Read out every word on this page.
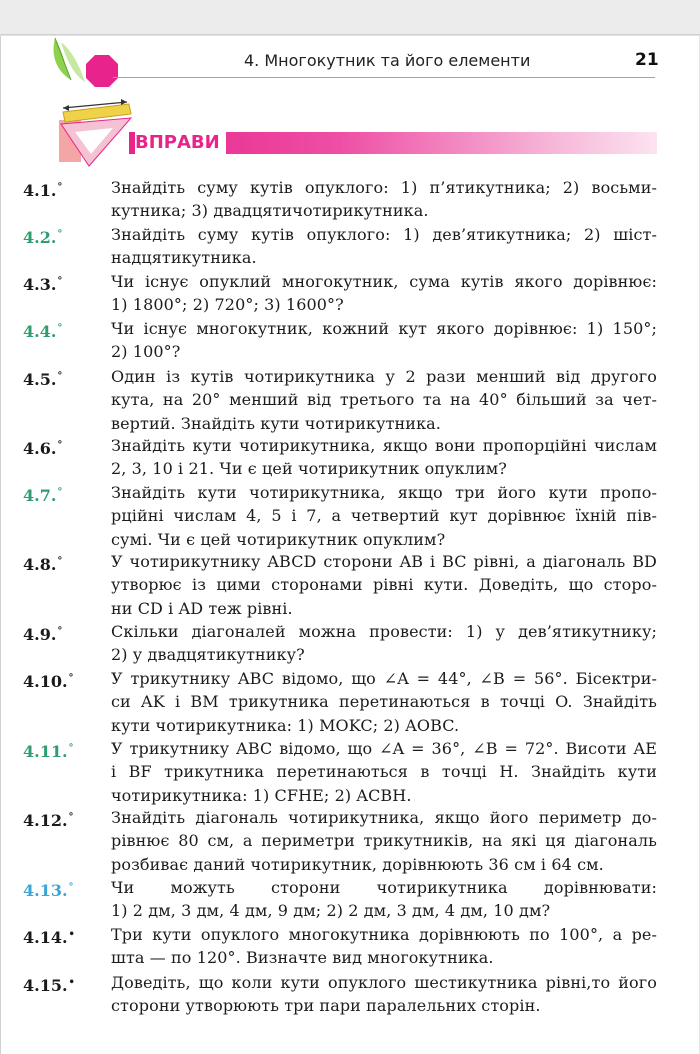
4. Многокутник та його елементи	21
ВПРАВИ
4.1.°	Знайдіть суму кутів опуклого: 1) п’ятикутника; 2) восьми-
кутника; 3) двадцятичотирикутника.
4.2.°	Знайдіть суму кутів опуклого: 1) дев’ятикутника; 2) шіст-
надцятикутника.
4.3.°	Чи існує опуклий многокутник, сума кутів якого дорівнює:
1) 1800°; 2) 720°; 3) 1600°?
4.4.°	Чи існує многокутник, кожний кут якого дорівнює: 1) 150°;
2) 100°?
4.5.°	Один із кутів чотирикутника у 2 рази менший від другого
кута, на 20° менший від третього та на 40° більший за чет-
вертий. Знайдіть кути чотирикутника.
4.6.°	Знайдіть кути чотирикутника, якщо вони пропорційні числам
2, 3, 10 і 21. Чи є цей чотирикутник опуклим?
4.7.°	Знайдіть кути чотирикутника, якщо три його кути пропо-
рційні числам 4, 5 і 7, а четвертий кут дорівнює їхній пів-
сумі. Чи є цей чотирикутник опуклим?
4.8.°	У чотирикутнику ABCD сторони AB і BC рівні, а діагональ BD
утворює із цими сторонами рівні кути. Доведіть, що сторо-
ни CD і AD теж рівні.
4.9.°	Скільки діагоналей можна провести: 1) у дев’ятикутнику;
2) у двадцятикутнику?
4.10.°	У трикутнику ABC відомо, що ∠A = 44°, ∠B = 56°. Бісектри-
си AK і BM трикутника перетинаються в точці O. Знайдіть
кути чотирикутника: 1) MOKC; 2) AOBC.
4.11.°	У трикутнику ABC відомо, що ∠A = 36°, ∠B = 72°. Висоти AE
і BF трикутника перетинаються в точці H. Знайдіть кути
чотирикутника: 1) CFHE; 2) ACBH.
4.12.°	Знайдіть діагональ чотирикутника, якщо його периметр до-
рівнює 80 см, а периметри трикутників, на які ця діагональ
розбиває даний чотирикутник, дорівнюють 36 см і 64 см.
4.13.°	Чи можуть сторони чотирикутника дорівнювати:
1) 2 дм, 3 дм, 4 дм, 9 дм; 2) 2 дм, 3 дм, 4 дм, 10 дм?
4.14.•	Три кути опуклого многокутника дорівнюють по 100°, а ре-
шта — по 120°. Визначте вид многокутника.
4.15.•	Доведіть, що коли кути опуклого шестикутника рівні,то його
сторони утворюють три пари паралельних сторін.
